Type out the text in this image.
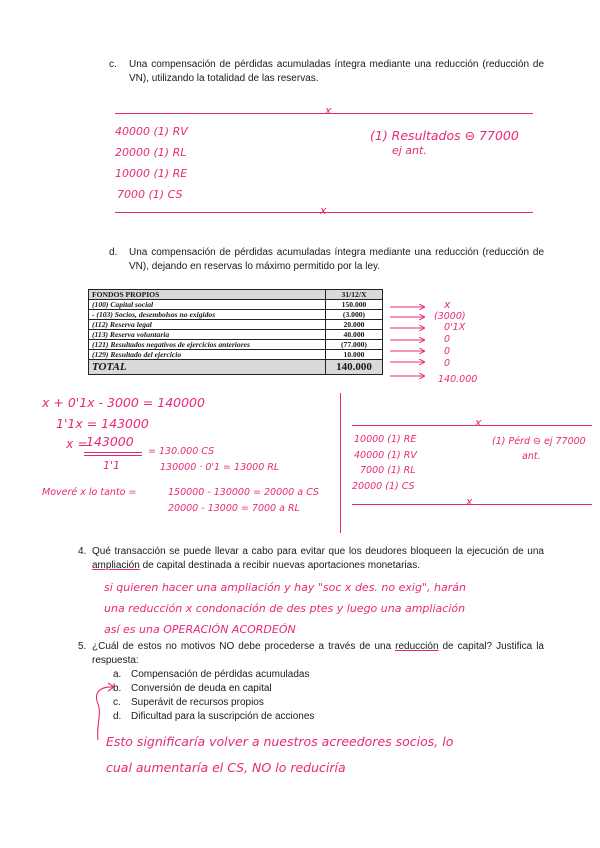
c. Una compensación de pérdidas acumuladas íntegra mediante una reducción (reducción de VN), utilizando la totalidad de las reservas.
x
40000 (1) RV
20000 (1) RL
10000 (1) RE
7000 (1) CS
(1) Resultados ⊖ 77000
ej ant.
x
d. Una compensación de pérdidas acumuladas íntegra mediante una reducción (reducción de VN), dejando en reservas lo máximo permitido por la ley.
FONDOS PROPIOS	31/12/X
(100) Capital social	150.000
- (103) Socios, desembolsos no exigidos	(3.000)
(112) Reserva legal	20.000
(113) Reserva voluntaria	40.000
(121) Resultados negativos de ejercicios anteriores	(77.000)
(129) Resultado del ejercicio	10.000
TOTAL	140.000
x
(3000)
0'1X
0
0
0
140.000
x + 0'1x - 3000 = 140000
1'1x = 143000
x =
143000
1'1
= 130.000 CS
130000 · 0'1 = 13000 RL
Moveré x lo tanto =	150000 - 130000 = 20000 a CS
20000 - 13000 = 7000 a RL
x
10000 (1) RE
40000 (1) RV
7000 (1) RL
20000 (1) CS
(1) Pérd ⊖ ej 77000
ant.
x
4. Qué transacción se puede llevar a cabo para evitar que los deudores bloqueen la ejecución de una ampliación de capital destinada a recibir nuevas aportaciones monetarias.
si quieren hacer una ampliación y hay "soc x des. no exig", harán
una reducción x condonación de des ptes y luego una ampliación
así es una OPERACIÓN ACORDEÓN
5. ¿Cuál de estos no motivos NO debe procederse a través de una reducción de capital? Justifica la respuesta:
a. Compensación de pérdidas acumuladas
b. Conversión de deuda en capital
c. Superávit de recursos propios
d. Dificultad para la suscripción de acciones
Esto significaría volver a nuestros acreedores socios, lo
cual aumentaría el CS, NO lo reduciría
